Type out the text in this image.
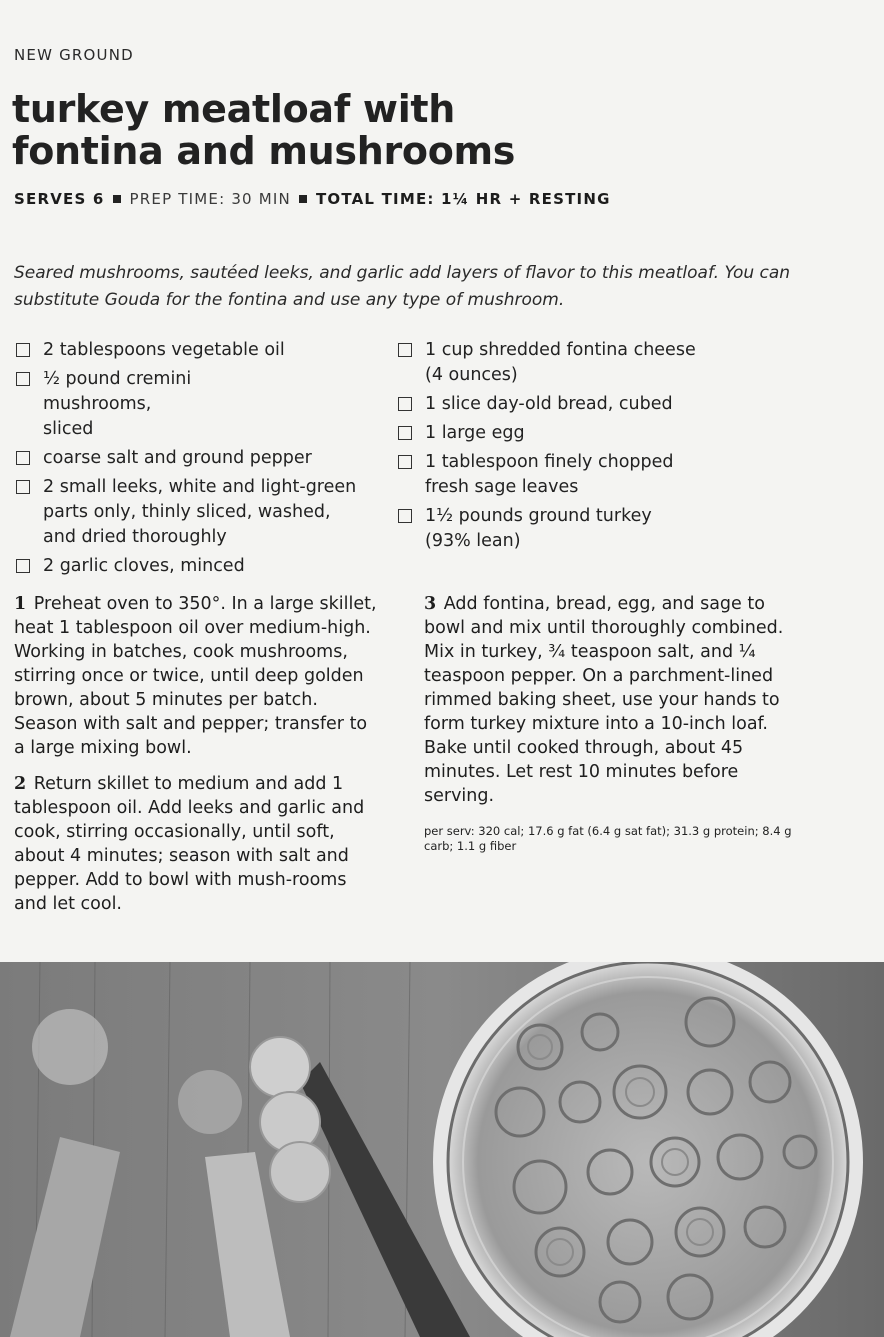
NEW GROUND
turkey meatloaf with fontina and mushrooms
SERVES 6 PREP TIME: 30 MIN TOTAL TIME: 1¼ HR + RESTING

Seared mushrooms, sautéed leeks, and garlic add layers of flavor to this meatloaf. You can substitute Gouda for the fontina and use any type of mushroom.

2 tablespoons vegetable oil
½ pound cremini mushrooms, sliced
coarse salt and ground pepper
2 small leeks, white and light-green parts only, thinly sliced, washed, and dried thoroughly
2 garlic cloves, minced
1 cup shredded fontina cheese (4 ounces)
1 slice day-old bread, cubed
1 large egg
1 tablespoon finely chopped fresh sage leaves
1½ pounds ground turkey (93% lean)

1 Preheat oven to 350°. In a large skillet, heat 1 tablespoon oil over medium-high. Working in batches, cook mushrooms, stirring once or twice, until deep golden brown, about 5 minutes per batch. Season with salt and pepper; transfer to a large mixing bowl.

2 Return skillet to medium and add 1 tablespoon oil. Add leeks and garlic and cook, stirring occasionally, until soft, about 4 minutes; season with salt and pepper. Add to bowl with mush-rooms and let cool.

3 Add fontina, bread, egg, and sage to bowl and mix until thoroughly combined. Mix in turkey, ¾ teaspoon salt, and ¼ teaspoon pepper. On a parchment-lined rimmed baking sheet, use your hands to form turkey mixture into a 10-inch loaf. Bake until cooked through, about 45 minutes. Let rest 10 minutes before serving.

per serv: 320 cal; 17.6 g fat (6.4 g sat fat); 31.3 g protein; 8.4 g carb; 1.1 g fiber
